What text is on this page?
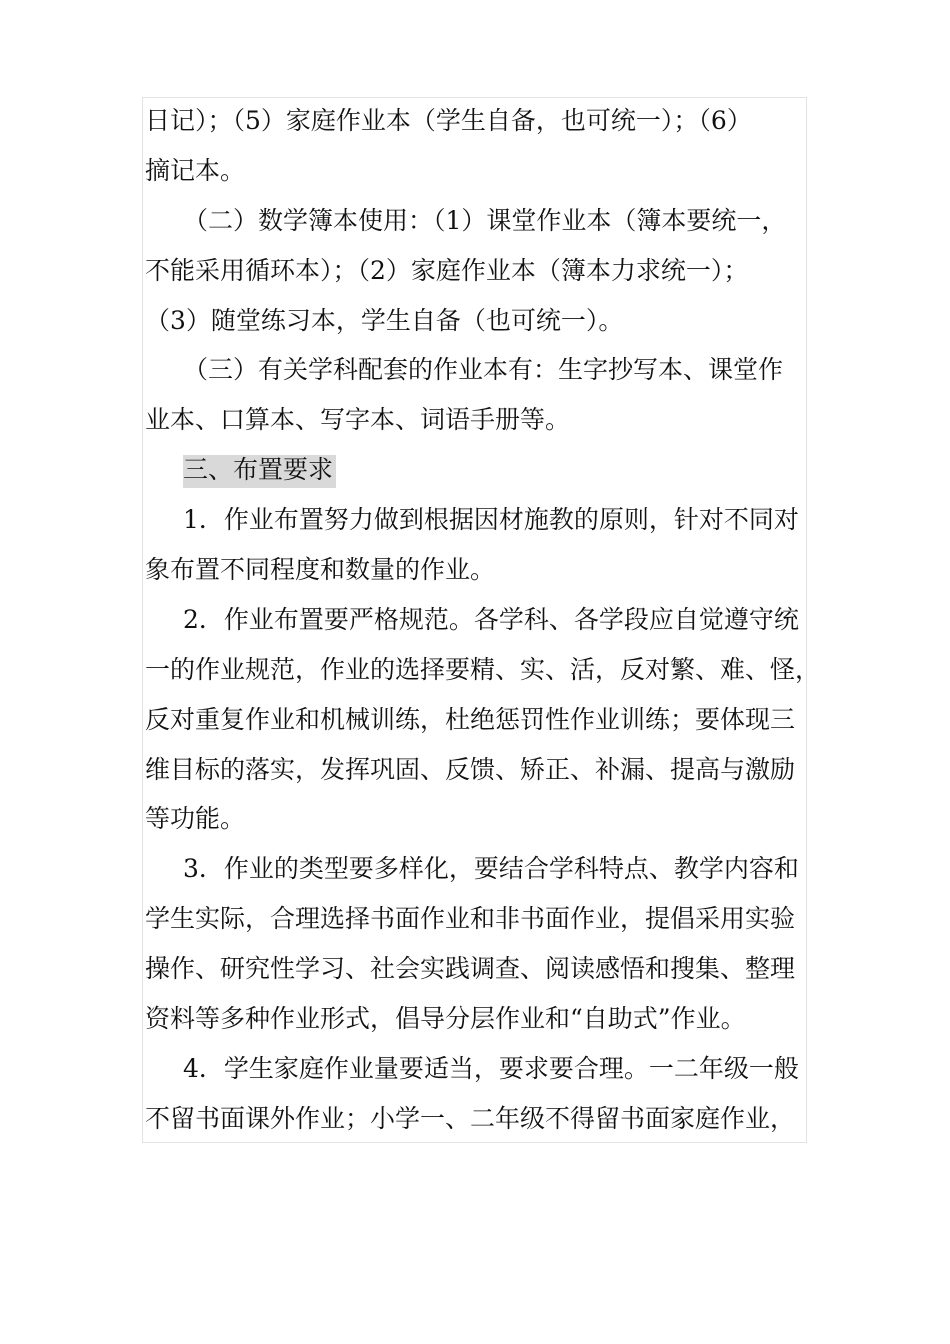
日记）；（5）家庭作业本（学生自备，也可统一）；（6）
摘记本。

（二）数学簿本使用：（1）课堂作业本（簿本要统一，
不能采用循环本）；（2）家庭作业本（簿本力求统一）；
（3）随堂练习本，学生自备（也可统一）。

（三）有关学科配套的作业本有：生字抄写本、课堂作
业本、口算本、写字本、词语手册等。

三、布置要求

1．作业布置努力做到根据因材施教的原则，针对不同对
象布置不同程度和数量的作业。

2．作业布置要严格规范。各学科、各学段应自觉遵守统
一的作业规范，作业的选择要精、实、活，反对繁、难、怪，
反对重复作业和机械训练，杜绝惩罚性作业训练；要体现三
维目标的落实，发挥巩固、反馈、矫正、补漏、提高与激励
等功能。

3．作业的类型要多样化，要结合学科特点、教学内容和
学生实际，合理选择书面作业和非书面作业，提倡采用实验
操作、研究性学习、社会实践调查、阅读感悟和搜集、整理
资料等多种作业形式，倡导分层作业和“自助式”作业。

4．学生家庭作业量要适当，要求要合理。一二年级一般
不留书面课外作业；小学一、二年级不得留书面家庭作业，
